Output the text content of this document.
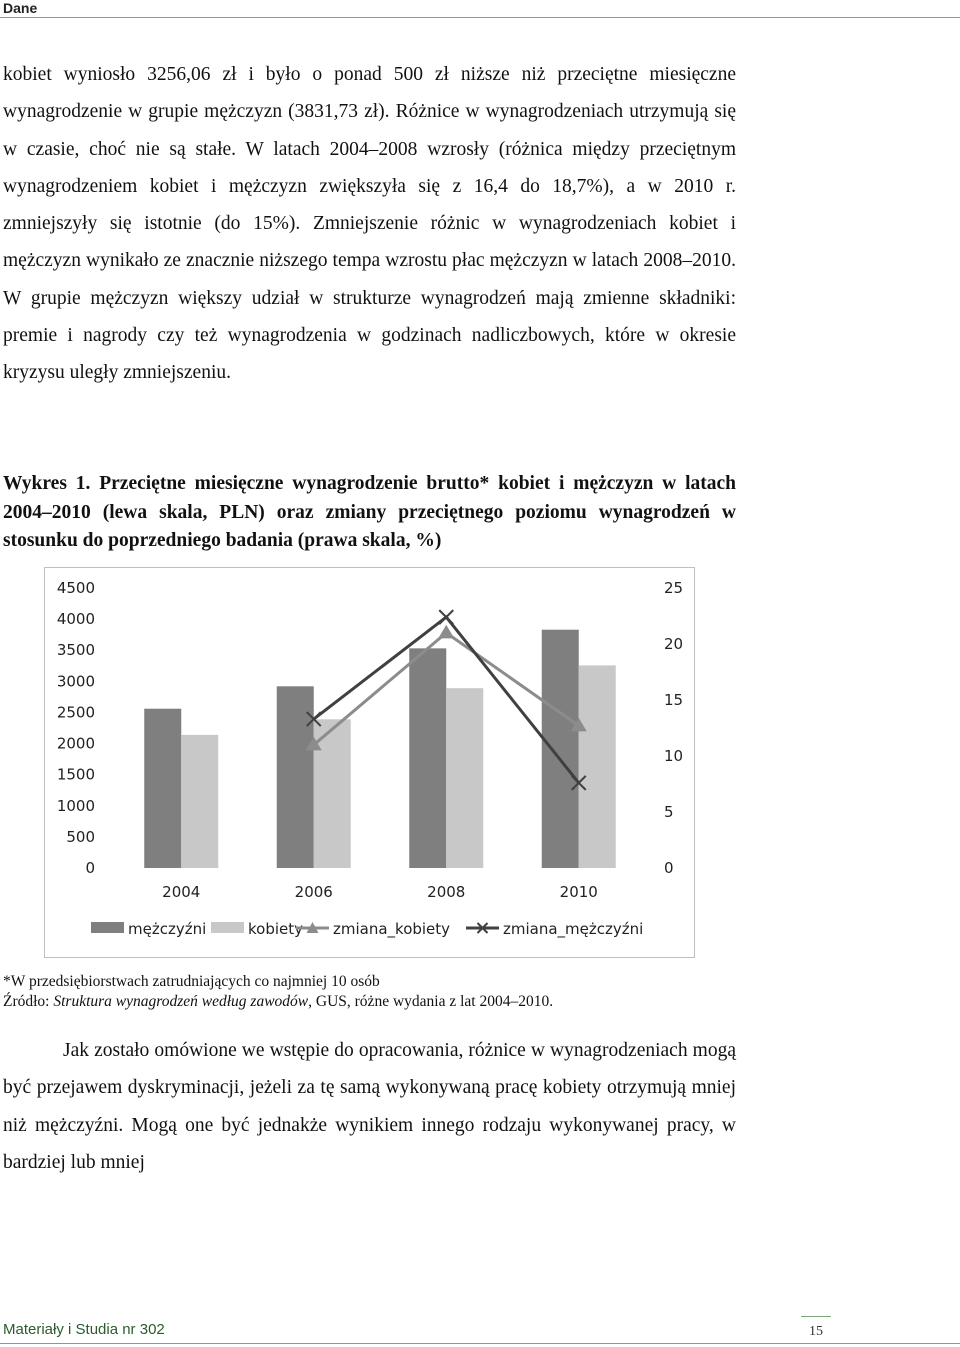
Dane
kobiet wyniosło 3256,06 zł i było o ponad 500 zł niższe niż przeciętne miesięczne wynagrodzenie w grupie mężczyzn (3831,73 zł). Różnice w wynagrodzeniach utrzymują się w czasie, choć nie są stałe. W latach 2004–2008 wzrosły (różnica między przeciętnym wynagrodzeniem kobiet i mężczyzn zwiększyła się z 16,4 do 18,7%), a w 2010 r. zmniejszyły się istotnie (do 15%). Zmniejszenie różnic w wynagrodzeniach kobiet i mężczyzn wynikało ze znacznie niższego tempa wzrostu płac mężczyzn w latach 2008–2010. W grupie mężczyzn większy udział w strukturze wynagrodzeń mają zmienne składniki: premie i nagrody czy też wynagrodzenia w godzinach nadliczbowych, które w okresie kryzysu uległy zmniejszeniu.
Wykres 1. Przeciętne miesięczne wynagrodzenie brutto* kobiet i mężczyzn w latach 2004–2010 (lewa skala, PLN) oraz zmiany przeciętnego poziomu wynagrodzeń w stosunku do poprzedniego badania (prawa skala, %)
4500
4000
3500
3000
2500
2000
1500
1000
500
0
25
20
15
10
5
0
2004	2006	2008	2010
mężczyźni	kobiety zmiana_kobiety	zmiana_mężczyźni
*W przedsiębiorstwach zatrudniających co najmniej 10 osób
Źródło: Struktura wynagrodzeń według zawodów, GUS, różne wydania z lat 2004–2010.
Jak zostało omówione we wstępie do opracowania, różnice w wynagrodzeniach mogą być przejawem dyskryminacji, jeżeli za tę samą wykonywaną pracę kobiety otrzymują mniej niż mężczyźni. Mogą one być jednakże wynikiem innego rodzaju wykonywanej pracy, w bardziej lub mniej
Materiały i Studia nr 302	15
